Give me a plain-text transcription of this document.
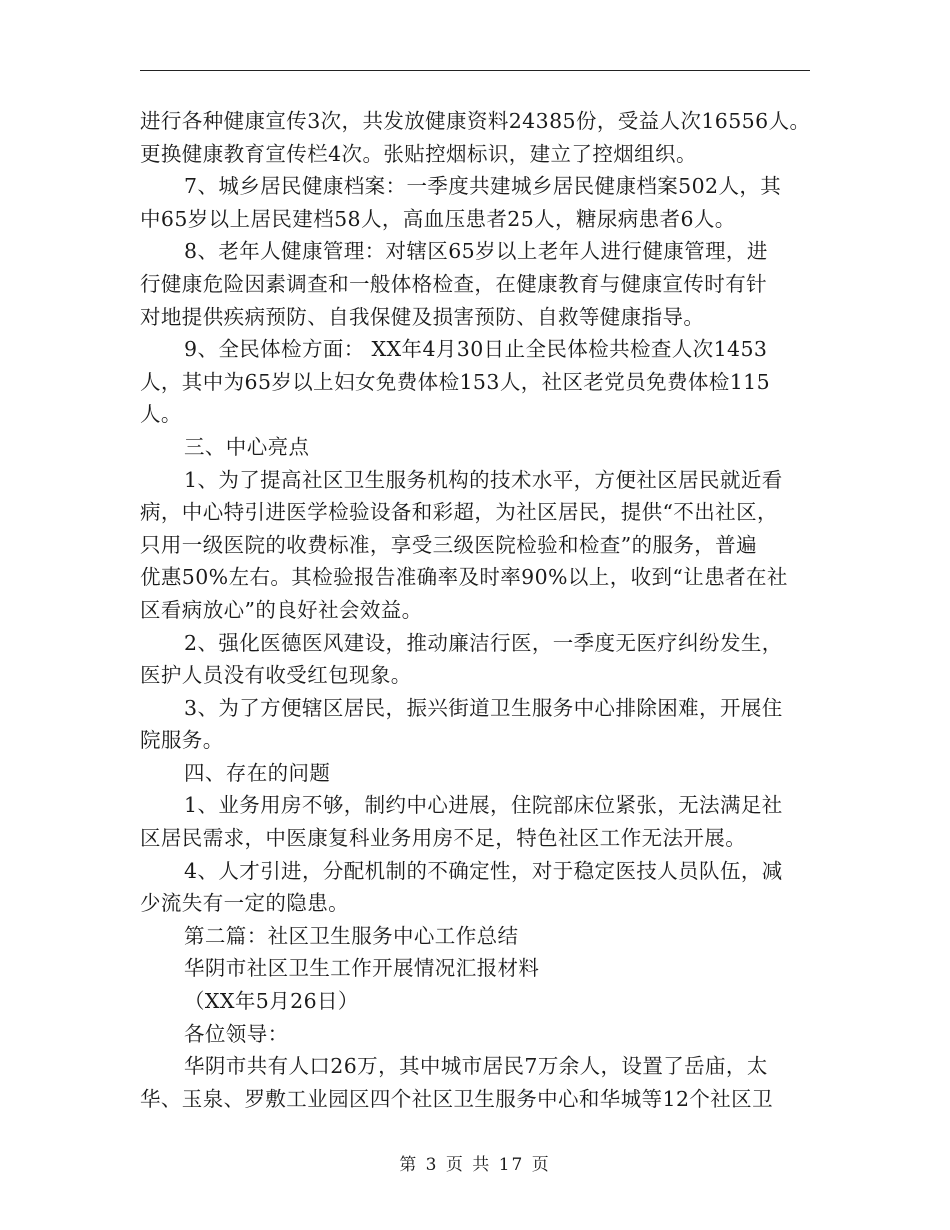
进行各种健康宣传3次，共发放健康资料24385份，受益人次16556人。
更换健康教育宣传栏4次。张贴控烟标识，建立了控烟组织。
7、城乡居民健康档案：一季度共建城乡居民健康档案502人，其
中65岁以上居民建档58人，高血压患者25人，糖尿病患者6人。
8、老年人健康管理：对辖区65岁以上老年人进行健康管理，进
行健康危险因素调查和一般体格检查，在健康教育与健康宣传时有针
对地提供疾病预防、自我保健及损害预防、自救等健康指导。
9、全民体检方面： XX年4月30日止全民体检共检查人次1453
人，其中为65岁以上妇女免费体检153人，社区老党员免费体检115
人。
三、中心亮点
1、为了提高社区卫生服务机构的技术水平，方便社区居民就近看
病，中心特引进医学检验设备和彩超，为社区居民，提供“不出社区，
只用一级医院的收费标准，享受三级医院检验和检查”的服务，普遍
优惠50%左右。其检验报告准确率及时率90%以上，收到“让患者在社
区看病放心”的良好社会效益。
2、强化医德医风建设，推动廉洁行医，一季度无医疗纠纷发生，
医护人员没有收受红包现象。
3、为了方便辖区居民，振兴街道卫生服务中心排除困难，开展住
院服务。
四、存在的问题
1、业务用房不够，制约中心进展，住院部床位紧张，无法满足社
区居民需求，中医康复科业务用房不足，特色社区工作无法开展。
4、人才引进，分配机制的不确定性，对于稳定医技人员队伍，减
少流失有一定的隐患。
第二篇：社区卫生服务中心工作总结
华阴市社区卫生工作开展情况汇报材料
（XX年5月26日）
各位领导：
华阴市共有人口26万，其中城市居民7万余人，设置了岳庙，太
华、玉泉、罗敷工业园区四个社区卫生服务中心和华城等12个社区卫
第 3 页 共 17 页
